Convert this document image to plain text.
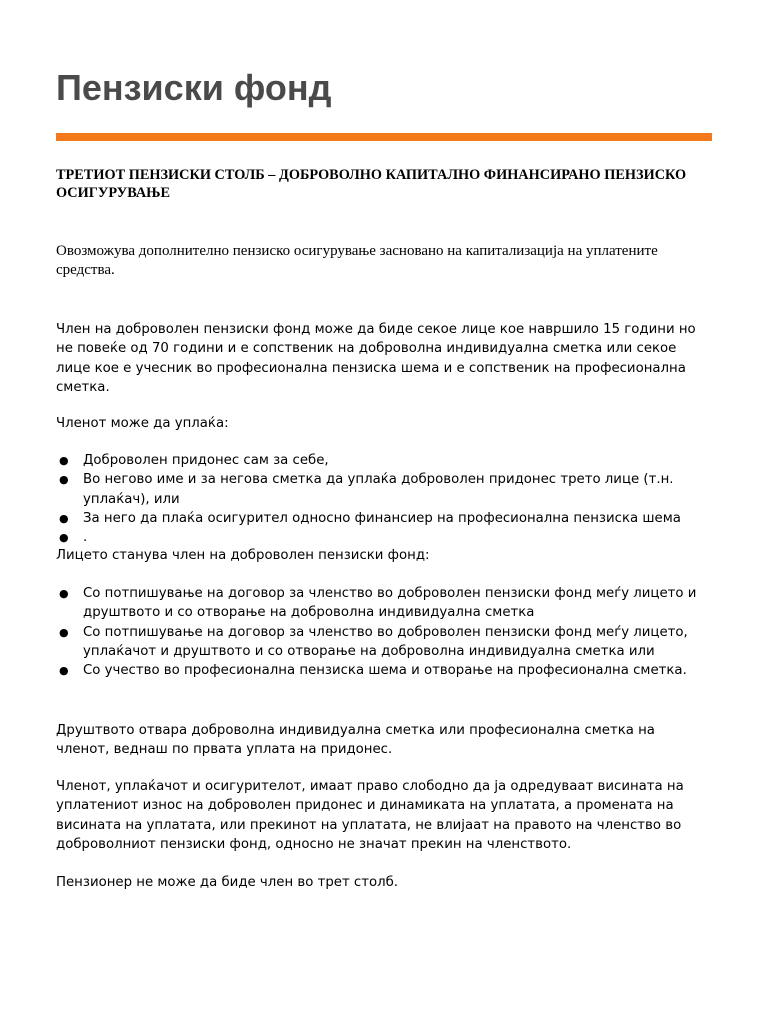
Пензиски фонд

ТРЕТИОТ ПЕНЗИСКИ СТОЛБ – ДОБРОВОЛНО КАПИТАЛНО ФИНАНСИРАНО ПЕНЗИСКО ОСИГУРУВАЊЕ

Овозможува дополнително пензиско осигурување засновано на капитализација на уплатените средства.

Член на доброволен пензиски фонд може да биде секое лице кое навршило 15 години но не повеќе од 70 години и е сопственик на доброволна индивидуална сметка или секое лице кое е учесник во професионална пензиска шема и е сопственик на професионална сметка.

Членот може да уплаќа:

● Доброволен придонес сам за себе,
● Во негово име и за негова сметка да уплаќа доброволен придонес трето лице (т.н. уплаќач), или
● За него да плаќа осигурител односно финансиер на професионална пензиска шема
● .

Лицето станува член на доброволен пензиски фонд:

● Со потпишување на договор за членство во доброволен пензиски фонд меѓу лицето и друштвото и со отворање на доброволна индивидуална сметка
● Со потпишување на договор за членство во доброволен пензиски фонд меѓу лицето, уплаќачот и друштвото и со отворање на доброволна индивидуална сметка или
● Со учество во професионална пензиска шема и отворање на професионална сметка.

Друштвото отвара доброволна индивидуална сметка или професионална сметка на членот, веднаш по првата уплата на придонес.

Членот, уплаќачот и осигурителот, имаат право слободно да ја одредуваат висината на уплатениот износ на доброволен придонес и динамиката на уплатата, а промената на висината на уплатата, или прекинот на уплатата, не влијаат на правото на членство во доброволниот пензиски фонд, односно не значат прекин на членството.

Пензионер не може да биде член во трет столб.
